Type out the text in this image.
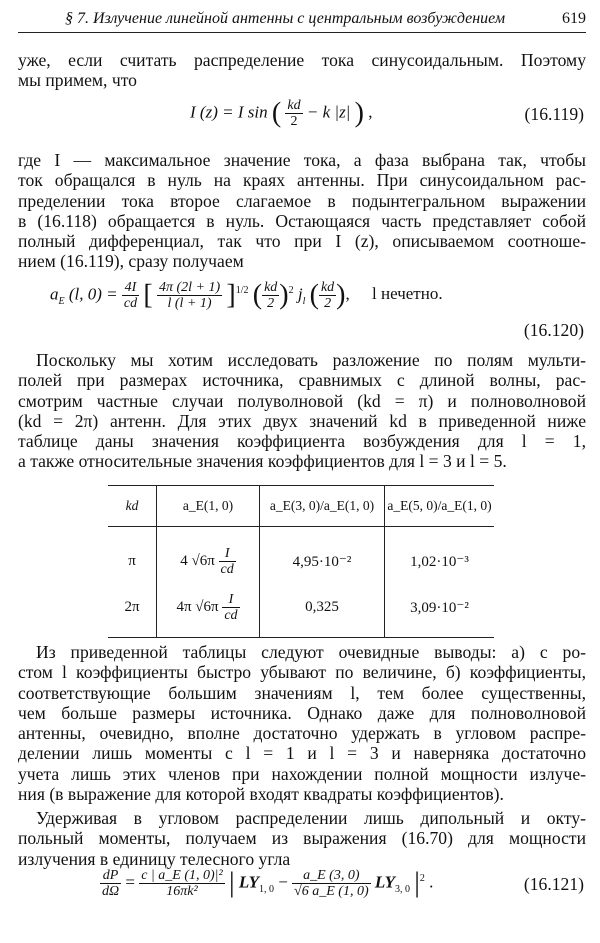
§ 7. Излучение линейной антенны с центральным возбуждением	619
уже, если считать распределение тока синусоидальным. Поэтому
мы примем, что
I (z) = I sin ( $\frac{kd}{2} - k$ |z| ) ,	(16.119)
где I — максимальное значение тока, а фаза выбрана так, чтобы
ток обращался в нуль на краях антенны. При синусоидальном рас-
пределении тока второе слагаемое в подынтегральном выражении
в (16.118) обращается в нуль. Остающаяся часть представляет собой
полный дифференциал, так что при I (z), описываемом соотноше-
нием (16.119), сразу получаем
$a_E$ (l, $0) = \frac{4I}{cd}$ [ $\frac{4\pi (2l + 1)}{l (l + 1)} ]^{1/2}$ ( $\frac{kd}{2} )^2$ $j_l$ ( $\frac{kd}{2}$ ), l нечетно.
(16.120)
Поскольку мы хотим исследовать разложение по полям мульти-
полей при размерах источника, сравнимых с длиной волны, рас-
смотрим частные случаи полуволновой (kd = π) и полноволновой
(kd = 2π) антенн. Для этих двух значений kd в приведенной ниже
таблице даны значения коэффициента возбуждения для l = 1,
а также относительные значения коэффициентов для l = 3 и l = 5.
kd	a_E(1, 0)	a_E(3, 0)/a_E(1, 0)	a_E(5, 0)/a_E(1, 0)
π	4 $√6\pi \frac{I}{cd}$	4,95·10⁻²	1,02·10⁻³
2π	4π $√6\pi \frac{I}{cd}$	0,325	3,09·10⁻²
Из приведенной таблицы следуют очевидные выводы: а) с ро-
стом l коэффициенты быстро убывают по величине, б) коэффициенты,
соответствующие большим значениям l, тем более существенны,
чем больше размеры источника. Однако даже для полноволновой
антенны, очевидно, вполне достаточно удержать в угловом распре-
делении лишь моменты с l = 1 и l = 3 и наверняка достаточно
учета лишь этих членов при нахождении полной мощности излуче-
ния (в выражение для которой входят квадраты коэффициентов).
Удерживая в угловом распределении лишь дипольный и окту-
польный моменты, получаем из выражения (16.70) для мощности
излучения в единицу телесного угла
$\frac{dP}{d\Omega} = \frac{\text{c | a\_E (1, 0)|²}}{\text{16πk²}}$ | $LY_{1, 0} - \frac{a\_E (3, 0)}{√6 a\_E (1, 0)} LY_{3, 0}$ $|^2$ .	(16.121)
